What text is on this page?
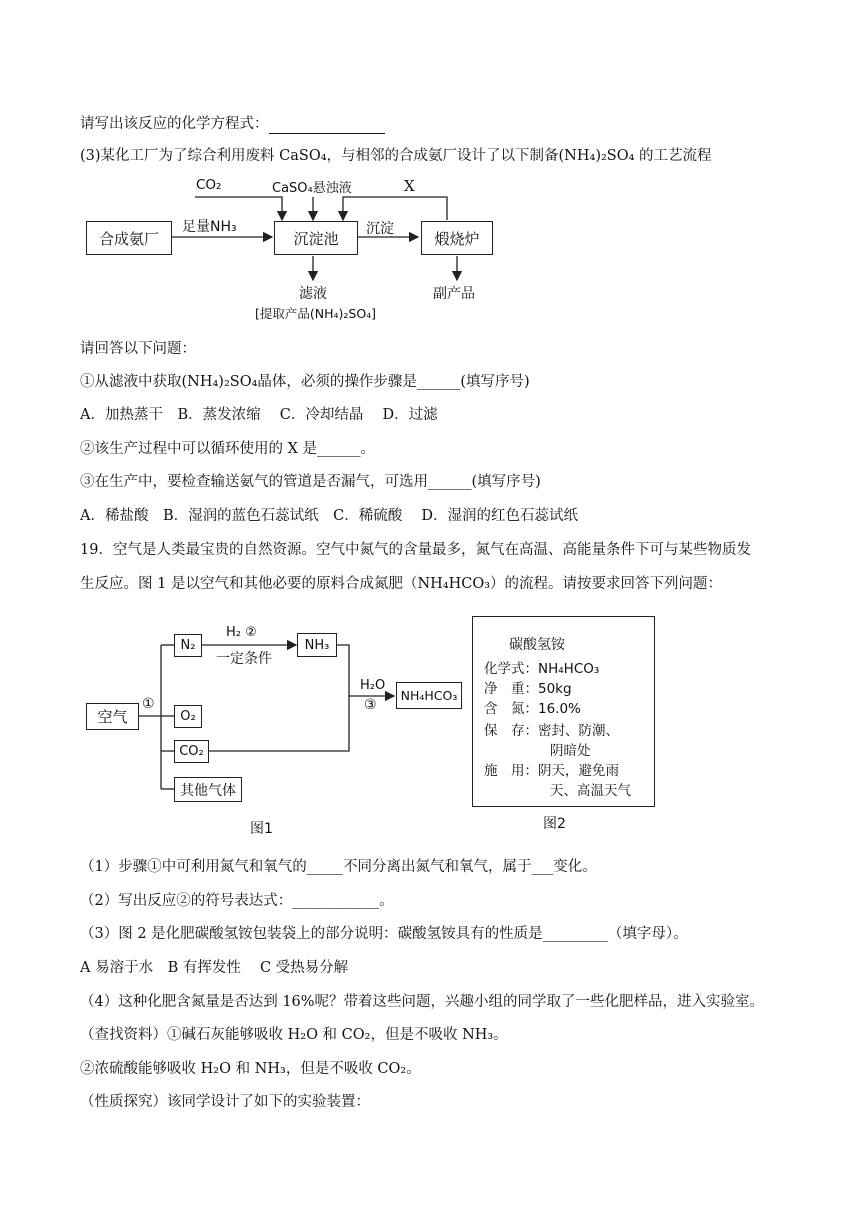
请写出该反应的化学方程式：
(3)某化工厂为了综合利用废料 CaSO₄，与相邻的合成氨厂设计了以下制备(NH₄)₂SO₄ 的工艺流程
合成氨厂	沉淀池	煅烧炉
CO₂	CaSO₄悬浊液	X
足量NH₃	沉淀
滤液
[提取产品(NH₄)₂SO₄]
副产品
请回答以下问题：
①从滤液中获取(NH₄)₂SO₄晶体，必须的操作步骤是______(填写序号)
A．加热蒸干　B．蒸发浓缩　 C．冷却结晶　 D．过滤
②该生产过程中可以循环使用的 X 是______。
③在生产中，要检查输送氨气的管道是否漏气，可选用______(填写序号)
A．稀盐酸　B．湿润的蓝色石蕊试纸　C．稀硫酸　 D．湿润的红色石蕊试纸
19．空气是人类最宝贵的自然资源。空气中氮气的含量最多，氮气在高温、高能量条件下可与某些物质发
生反应。图 1 是以空气和其他必要的原料合成氮肥（NH₄HCO₃）的流程。请按要求回答下列问题：
空气
①
N₂
O₂
CO₂
其他气体
H₂ ②
一定条件
NH₃
H₂O
③
NH₄HCO₃
图1
碳酸氢铵
化学式：NH₄HCO₃
净　重：50kg
含　氮：16.0%
保　存：密封、防潮、
阴暗处
施　用：阴天，避免雨
天、高温天气
图2
（1）步骤①中可利用氮气和氧气的_____不同分离出氮气和氧气，属于___变化。
（2）写出反应②的符号表达式：____________。
（3）图 2 是化肥碳酸氢铵包装袋上的部分说明：碳酸氢铵具有的性质是_________（填字母）。
A 易溶于水　B 有挥发性　 C 受热易分解
（4）这种化肥含氮量是否达到 16%呢？带着这些问题，兴趣小组的同学取了一些化肥样品，进入实验室。
（查找资料）①碱石灰能够吸收 H₂O 和 CO₂，但是不吸收 NH₃。
②浓硫酸能够吸收 H₂O 和 NH₃，但是不吸收 CO₂。
（性质探究）该同学设计了如下的实验装置：
